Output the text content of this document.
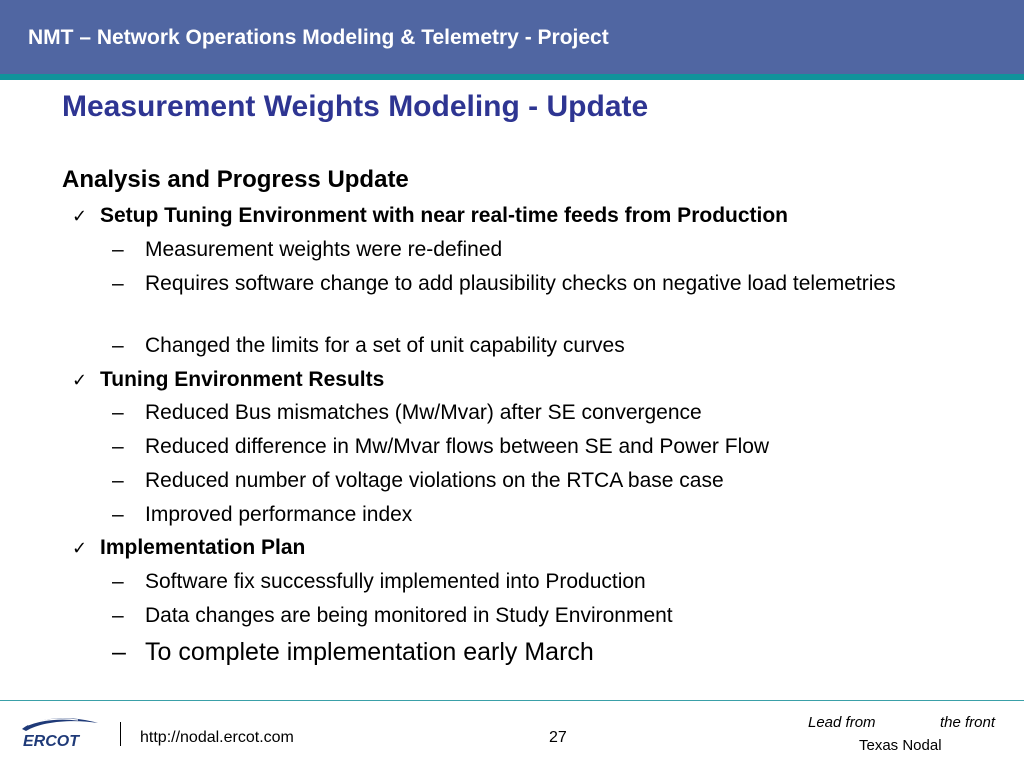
NMT – Network Operations Modeling & Telemetry - Project
Measurement Weights Modeling - Update
Analysis and Progress Update
✓ Setup Tuning Environment with near real-time feeds from Production
– Measurement weights were re-defined
– Requires software change to add plausibility checks on negative load telemetries
– Changed the limits for a set of unit capability curves
✓ Tuning Environment Results
– Reduced Bus mismatches (Mw/Mvar) after SE convergence
– Reduced difference in Mw/Mvar flows between SE and Power Flow
– Reduced number of voltage violations on the RTCA base case
– Improved performance index
✓ Implementation Plan
– Software fix successfully implemented into Production
– Data changes are being monitored in Study Environment
– To complete implementation early March
ERCOT	http://nodal.ercot.com	27
Lead from	the front
Texas Nodal
